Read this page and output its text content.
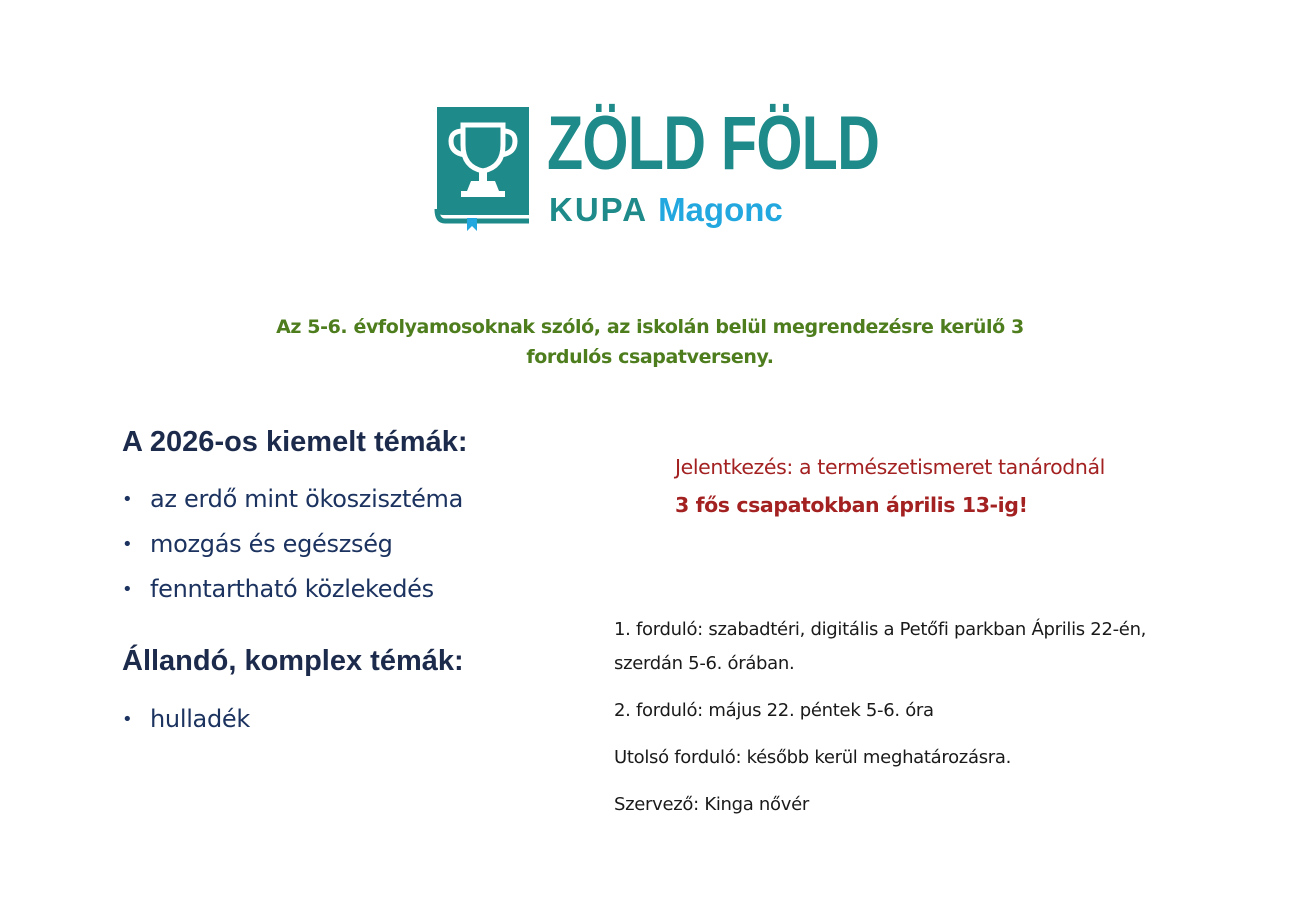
ZÖLD FÖLD
KUPA Magonc
Az 5-6. évfolyamosoknak szóló, az iskolán belül megrendezésre kerülő 3
fordulós csapatverseny.
A 2026-os kiemelt témák:
• az erdő mint ökoszisztéma
• mozgás és egészség
• fenntartható közlekedés
Állandó, komplex témák:
• hulladék
Jelentkezés: a természetismeret tanárodnál
3 fős csapatokban április 13-ig!

1. forduló: szabadtéri, digitális a Petőfi parkban Április 22-én,
szerdán 5-6. órában.

2. forduló: május 22. péntek 5-6. óra

Utolsó forduló: később kerül meghatározásra.

Szervező: Kinga nővér
